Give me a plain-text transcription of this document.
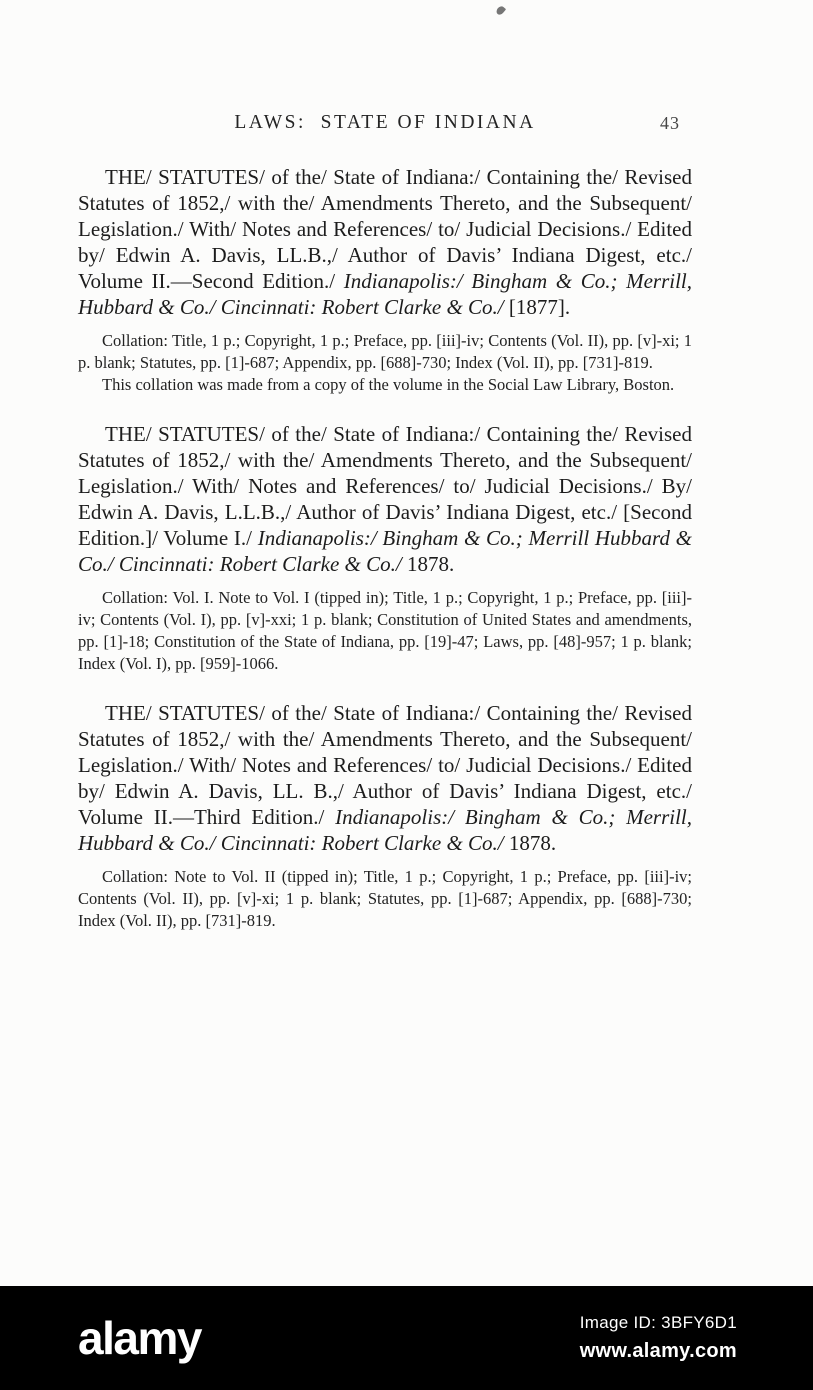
LAWS:  STATE OF INDIANA	43

THE/ STATUTES/ of the/ State of Indiana:/ Containing the/ Revised Statutes of 1852,/ with the/ Amendments Thereto, and the Subsequent/ Legislation./ With/ Notes and References/ to/ Judicial Decisions./ Edited by/ Edwin A. Davis, LL.B.,/ Author of Davis’ Indiana Digest, etc./ Volume II.—Second Edition./ Indianapolis:/ Bingham & Co.; Merrill, Hubbard & Co./ Cincinnati: Robert Clarke & Co./ [1877].

Collation: Title, 1 p.; Copyright, 1 p.; Preface, pp. [iii]-iv; Contents (Vol. II), pp. [v]-xi; 1 p. blank; Statutes, pp. [1]-687; Appendix, pp. [688]-730; Index (Vol. II), pp. [731]-819.

This collation was made from a copy of the volume in the Social Law Library, Boston.

THE/ STATUTES/ of the/ State of Indiana:/ Containing the/ Revised Statutes of 1852,/ with the/ Amendments Thereto, and the Subsequent/ Legislation./ With/ Notes and References/ to/ Judicial Decisions./ By/ Edwin A. Davis, L.L.B.,/ Author of Davis’ Indiana Digest, etc./ [Second Edition.]/ Volume I./ Indianapolis:/ Bingham & Co.; Merrill Hubbard & Co./ Cincinnati: Robert Clarke & Co./ 1878.

Collation: Vol. I. Note to Vol. I (tipped in); Title, 1 p.; Copyright, 1 p.; Preface, pp. [iii]-iv; Contents (Vol. I), pp. [v]-xxi; 1 p. blank; Constitution of United States and amendments, pp. [1]-18; Constitution of the State of Indiana, pp. [19]-47; Laws, pp. [48]-957; 1 p. blank; Index (Vol. I), pp. [959]-1066.

THE/ STATUTES/ of the/ State of Indiana:/ Containing the/ Revised Statutes of 1852,/ with the/ Amendments Thereto, and the Subsequent/ Legislation./ With/ Notes and References/ to/ Judicial Decisions./ Edited by/ Edwin A. Davis, LL. B.,/ Author of Davis’ Indiana Digest, etc./ Volume II.—Third Edition./ Indianapolis:/ Bingham & Co.; Merrill, Hubbard & Co./ Cincinnati: Robert Clarke & Co./ 1878.

Collation: Note to Vol. II (tipped in); Title, 1 p.; Copyright, 1 p.; Preface, pp. [iii]-iv; Contents (Vol. II), pp. [v]-xi; 1 p. blank; Statutes, pp. [1]-687; Appendix, pp. [688]-730; Index (Vol. II), pp. [731]-819.

alamy	Image ID: 3BFY6D1
www.alamy.com
